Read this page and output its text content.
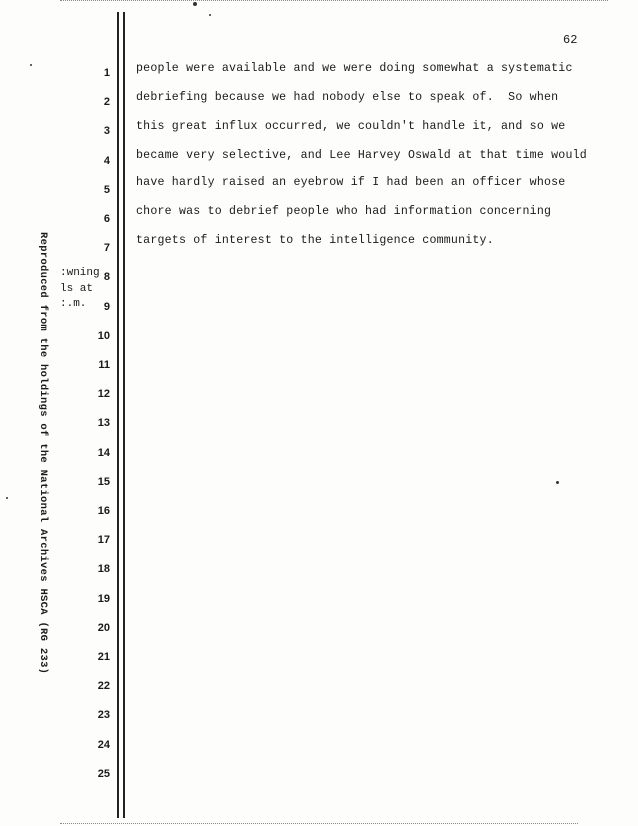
62
Reproduced from the holdings of the National Archives HSCA (RG 233) :wning
ls at
:.m.
1
2
3
4
5
6
7
8
9
10
11
12
13
14
15
16
17
18
19
20
21
22
23
24
25
people were available and we were doing somewhat a systematic
debriefing because we had nobody else to speak of.  So when
this great influx occurred, we couldn't handle it, and so we
became very selective, and Lee Harvey Oswald at that time would
have hardly raised an eyebrow if I had been an officer whose
chore was to debrief people who had information concerning
targets of interest to the intelligence community.
